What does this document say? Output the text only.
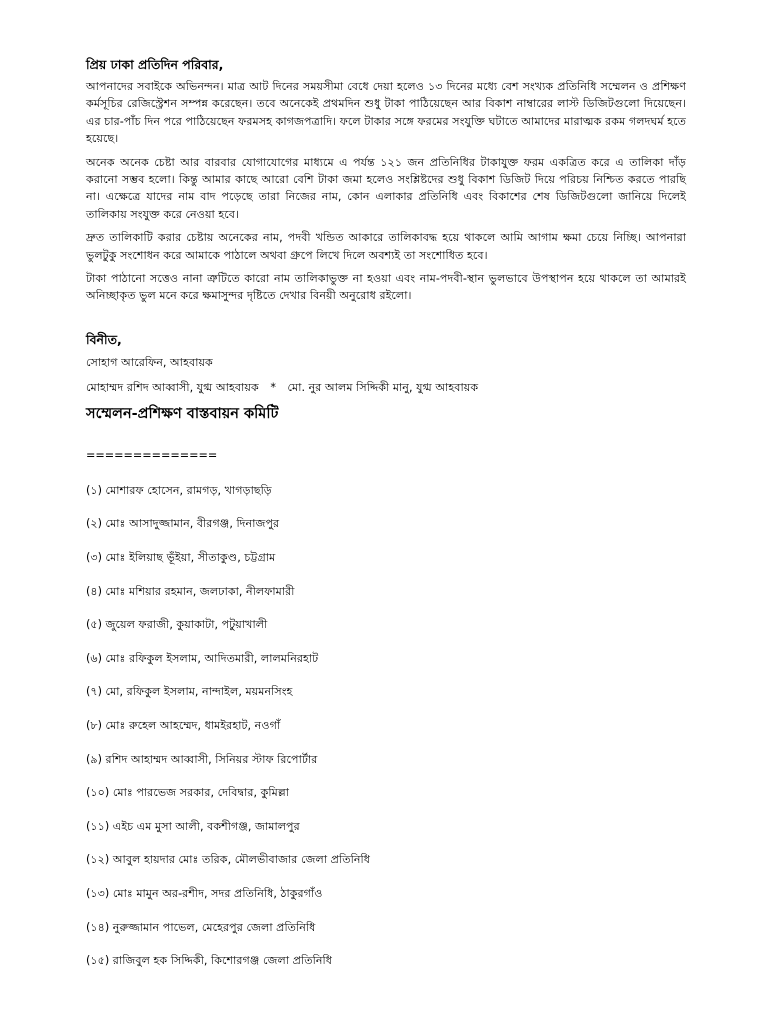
প্রিয় ঢাকা প্রতিদিন পরিবার,

আপনাদের সবাইকে অভিনন্দন। মাত্র আট দিনের সময়সীমা বেধে দেয়া হলেও ১৩ দিনের মধ্যে বেশ সংখ্যক প্রতিনিধি সম্মেলন ও প্রশিক্ষণ কর্মসূচির রেজিস্ট্রেশন সম্পন্ন করেছেন। তবে অনেকেই প্রথমদিন শুধু টাকা পাঠিয়েছেন আর বিকাশ নাম্বারের লাস্ট ডিজিটগুলো দিয়েছেন। এর চার-পাঁচ দিন পরে পাঠিয়েছেন ফরমসহ কাগজপত্রাদি। ফলে টাকার সঙ্গে ফরমের সংযুক্তি ঘটাতে আমাদের মারাত্মক রকম গলদঘর্ম হতে হয়েছে।

অনেক অনেক চেষ্টা আর বারবার যোগাযোগের মাধ্যমে এ পর্যন্ত ১২১ জন প্রতিনিধির টাকাযুক্ত ফরম একত্রিত করে এ তালিকা দাঁড় করানো সম্ভব হলো। কিন্তু আমার কাছে আরো বেশি টাকা জমা হলেও সংশ্লিষ্টদের শুধু বিকাশ ডিজিট দিয়ে পরিচয় নিশ্চিত করতে পারছি না। এক্ষেত্রে যাদের নাম বাদ পড়েছে তারা নিজের নাম, কোন এলাকার প্রতিনিধি এবং বিকাশের শেষ ডিজিটগুলো জানিয়ে দিলেই তালিকায় সংযুক্ত করে নেওয়া হবে।

দ্রুত তালিকাটি করার চেষ্টায় অনেকের নাম, পদবী খন্ডিত আকারে তালিকাবদ্ধ হয়ে থাকলে আমি আগাম ক্ষমা চেয়ে নিচ্ছি। আপনারা ভুলটুকু সংশোধন করে আমাকে পাঠালে অথবা গ্রুপে লিখে দিলে অবশ্যই তা সংশোধিত হবে।

টাকা পাঠানো সত্তেও নানা ত্রুটিতে কারো নাম তালিকাভুক্ত না হওয়া এবং নাম-পদবী-স্থান ভুলভাবে উপস্থাপন হয়ে থাকলে তা আমারই অনিচ্ছাকৃত ভুল মনে করে ক্ষমাসুন্দর দৃষ্টিতে দেখার বিনয়ী অনুরোধ রইলো।

বিনীত,

সোহাগ আরেফিন, আহবায়ক

মোহাম্মদ রশিদ আব্বাসী, যুগ্ম আহবায়ক * মো. নুর আলম সিদ্দিকী মানু, যুগ্ম আহবায়ক

সম্মেলন-প্রশিক্ষণ বাস্তবায়ন কমিটি

==============

(১) মোশারফ হোসেন, রামগড়, খাগড়াছড়ি
(২) মোঃ আসাদুজ্জামান, বীরগঞ্জ, দিনাজপুর
(৩) মোঃ ইলিয়াছ ভূঁইয়া, সীতাকুণ্ড, চট্টগ্রাম
(৪) মোঃ মশিয়ার রহমান, জলঢাকা, নীলফামারী
(৫) জুয়েল ফরাজী, কুয়াকাটা, পটুয়াখালী
(৬) মোঃ রফিকুল ইসলাম, আদিতমারী, লালমনিরহাট
(৭) মো, রফিকুল ইসলাম, নান্দাইল, ময়মনসিংহ
(৮) মোঃ রুহেল আহম্মেদ, ধামইরহাট, নওগাঁ
(৯) রশিদ আহাম্মদ আব্বাসী, সিনিয়র স্টাফ রিপোর্টার
(১০) মোঃ পারভেজ সরকার, দেবিদ্বার, কুমিল্লা
(১১) এইচ এম মুসা আলী, বকশীগঞ্জ, জামালপুর
(১২) আবুল হায়দার মোঃ তরিক, মৌলভীবাজার জেলা প্রতিনিধি
(১৩) মোঃ মামুন অর-রশীদ, সদর প্রতিনিধি, ঠাকুরগাঁও
(১৪) নুরুজ্জামান পাভেল, মেহেরপুর জেলা প্রতিনিধি
(১৫) রাজিবুল হক সিদ্দিকী, কিশোরগঞ্জ জেলা প্রতিনিধি
